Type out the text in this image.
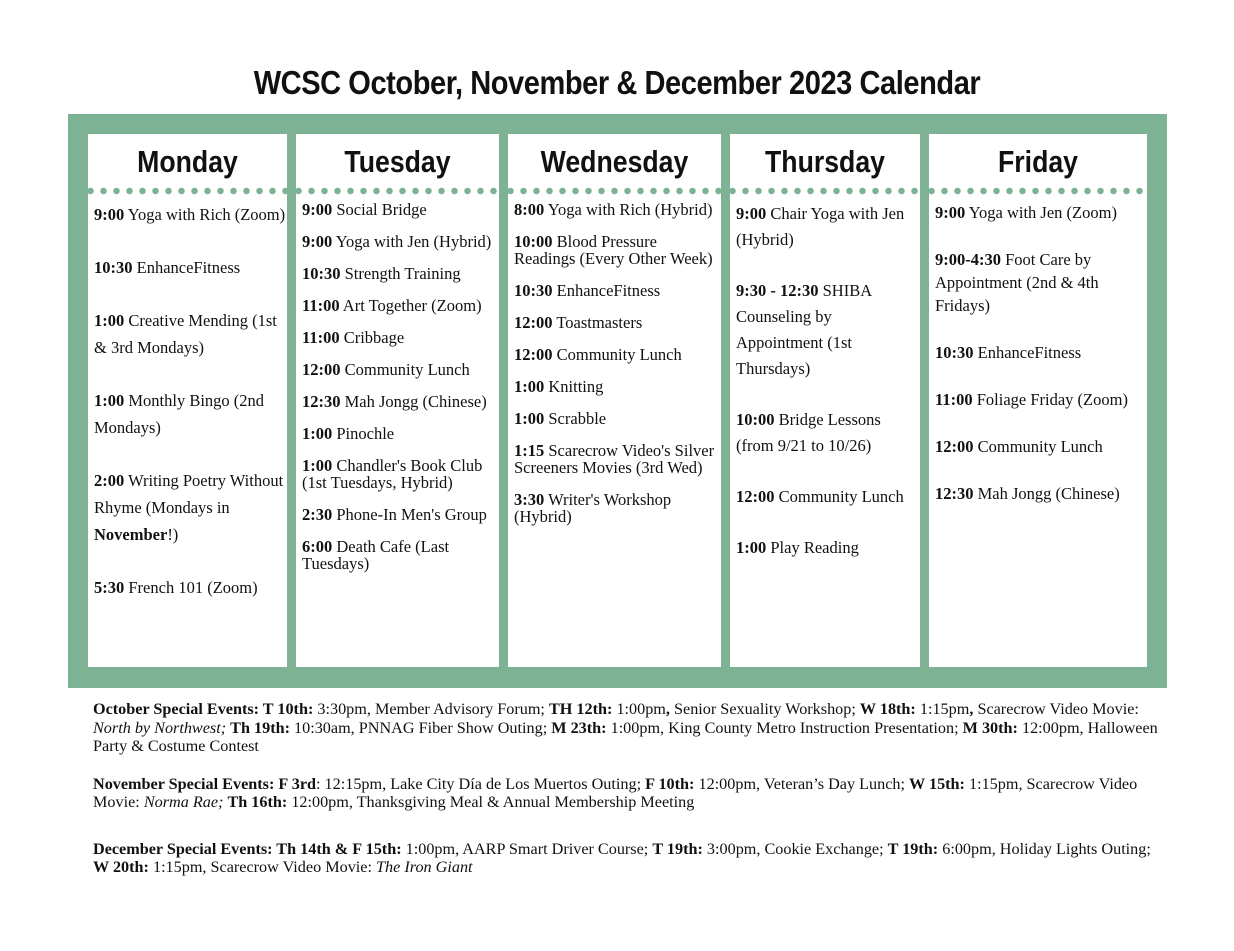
WCSC October, November & December 2023 Calendar
Monday

9:00 Yoga with Rich (Zoom)

10:30 EnhanceFitness

1:00 Creative Mending (1st & 3rd Mondays)

1:00 Monthly Bingo (2nd Mondays)

2:00 Writing Poetry Without Rhyme (Mondays in November!)

5:30 French 101 (Zoom)

Tuesday

9:00 Social Bridge

9:00 Yoga with Jen (Hybrid)

10:30 Strength Training

11:00 Art Together (Zoom)

11:00 Cribbage

12:00 Community Lunch

12:30 Mah Jongg (Chinese)

1:00 Pinochle

1:00 Chandler's Book Club (1st Tuesdays, Hybrid)

2:30 Phone-In Men's Group

6:00 Death Cafe (Last Tuesdays)

Wednesday

8:00 Yoga with Rich (Hybrid)

10:00 Blood Pressure Readings (Every Other Week)

10:30 EnhanceFitness

12:00 Toastmasters

12:00 Community Lunch

1:00 Knitting

1:00 Scrabble

1:15 Scarecrow Video's Silver Screeners Movies (3rd Wed)

3:30 Writer's Workshop (Hybrid)

Thursday

9:00 Chair Yoga with Jen (Hybrid)

9:30 - 12:30 SHIBA Counseling by Appointment (1st Thursdays)

10:00 Bridge Lessons (from 9/21 to 10/26)

12:00 Community Lunch

1:00 Play Reading

Friday

9:00 Yoga with Jen (Zoom)

9:00-4:30 Foot Care by Appointment (2nd & 4th Fridays)

10:30 EnhanceFitness

11:00 Foliage Friday (Zoom)

12:00 Community Lunch

12:30 Mah Jongg (Chinese)

October Special Events: T 10th: 3:30pm, Member Advisory Forum; TH 12th: 1:00pm, Senior Sexuality Workshop; W 18th: 1:15pm, Scarecrow Video Movie: North by Northwest; Th 19th: 10:30am, PNNAG Fiber Show Outing; M 23th: 1:00pm, King County Metro Instruction Presentation; M 30th: 12:00pm, Halloween Party & Costume Contest

November Special Events: F 3rd: 12:15pm, Lake City Día de Los Muertos Outing; F 10th: 12:00pm, Veteran’s Day Lunch; W 15th: 1:15pm, Scarecrow Video Movie: Norma Rae; Th 16th: 12:00pm, Thanksgiving Meal & Annual Membership Meeting

December Special Events: Th 14th & F 15th: 1:00pm, AARP Smart Driver Course; T 19th: 3:00pm, Cookie Exchange; T 19th: 6:00pm, Holiday Lights Outing; W 20th: 1:15pm, Scarecrow Video Movie: The Iron Giant
